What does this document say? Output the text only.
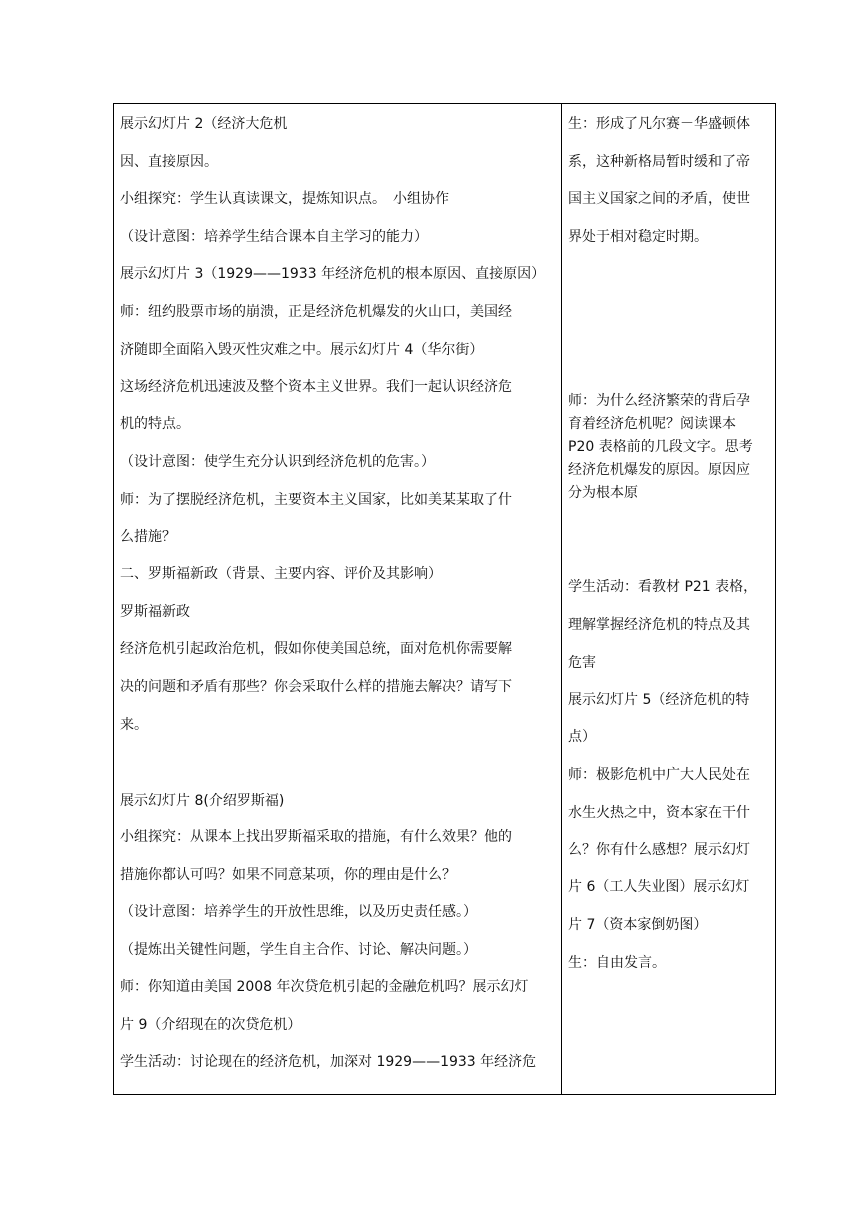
展示幻灯片 2（经济大危机
因、直接原因。
小组探究：学生认真读课文，提炼知识点。　小组协作
（设计意图：培养学生结合课本自主学习的能力）
展示幻灯片 3（1929——1933 年经济危机的根本原因、直接原因）
师：纽约股票市场的崩溃，正是经济危机爆发的火山口，美国经
济随即全面陷入毁灭性灾难之中。展示幻灯片 4（华尔街）
这场经济危机迅速波及整个资本主义世界。我们一起认识经济危
机的特点。
（设计意图：使学生充分认识到经济危机的危害。）
师：为了摆脱经济危机，主要资本主义国家，比如美某某取了什
么措施？
二、罗斯福新政（背景、主要内容、评价及其影响）
罗斯福新政
经济危机引起政治危机，假如你使美国总统，面对危机你需要解
决的问题和矛盾有那些？你会采取什么样的措施去解决？请写下
来。
展示幻灯片 8(介绍罗斯福)
小组探究：从课本上找出罗斯福采取的措施，有什么效果？他的
措施你都认可吗？如果不同意某项，你的理由是什么？
（设计意图：培养学生的开放性思维，以及历史责任感。）
（提炼出关键性问题，学生自主合作、讨论、解决问题。）
师：你知道由美国 2008 年次贷危机引起的金融危机吗？展示幻灯
片 9（介绍现在的次贷危机）
学生活动：讨论现在的经济危机，加深对 1929——1933 年经济危
生：形成了凡尔赛－华盛顿体
系，这种新格局暂时缓和了帝
国主义国家之间的矛盾，使世
界处于相对稳定时期。
师：为什么经济繁荣的背后孕
育着经济危机呢？阅读课本
P20 表格前的几段文字。思考
经济危机爆发的原因。原因应
分为根本原
学生活动：看教材 P21 表格，
理解掌握经济危机的特点及其
危害
展示幻灯片 5（经济危机的特
点）
师：极影危机中广大人民处在
水生火热之中，资本家在干什
么？你有什么感想？展示幻灯
片 6（工人失业图）展示幻灯
片 7（资本家倒奶图）
生：自由发言。
